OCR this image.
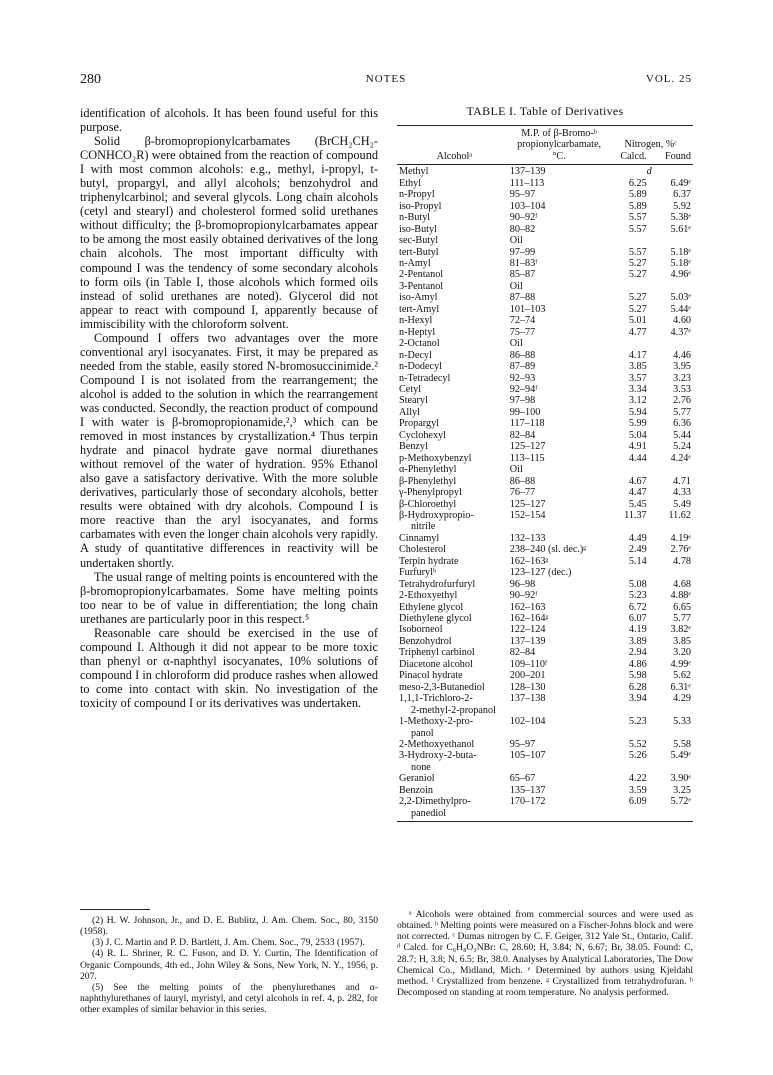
280	NOTES	VOL. 25

identification of alcohols. It has been found useful for this purpose.

Solid β-bromopropionylcarbamates (BrCH₂CH₂-CONHCO₂R) were obtained from the reaction of compound I with most common alcohols: e.g., methyl, i-propyl, t-butyl, propargyl, and allyl alcohols; benzohydrol and triphenylcarbinol; and several glycols. Long chain alcohols (cetyl and stearyl) and cholesterol formed solid urethanes without difficulty; the β-bromopropionylcarbamates appear to be among the most easily obtained derivatives of the long chain alcohols. The most important difficulty with compound I was the tendency of some secondary alcohols to form oils (in Table I, those alcohols which formed oils instead of solid urethanes are noted). Glycerol did not appear to react with compound I, apparently because of immiscibility with the chloroform solvent.

Compound I offers two advantages over the more conventional aryl isocyanates. First, it may be prepared as needed from the stable, easily stored N-bromosuccinimide.² Compound I is not isolated from the rearrangement; the alcohol is added to the solution in which the rearrangement was conducted. Secondly, the reaction product of compound I with water is β-bromopropionamide,²,³ which can be removed in most instances by crystallization.⁴ Thus terpin hydrate and pinacol hydrate gave normal diurethanes without removel of the water of hydration. 95% Ethanol also gave a satisfactory derivative. With the more soluble derivatives, particularly those of secondary alcohols, better results were obtained with dry alcohols. Compound I is more reactive than the aryl isocyanates, and forms carbamates with even the longer chain alcohols very rapidly. A study of quantitative differences in reactivity will be undertaken shortly.

The usual range of melting points is encountered with the β-bromopropionylcarbamates. Some have melting points too near to be of value in differentiation; the long chain urethanes are particularly poor in this respect.⁵

Reasonable care should be exercised in the use of compound I. Although it did not appear to be more toxic than phenyl or α-naphthyl isocyanates, 10% solutions of compound I in chloroform did produce rashes when allowed to come into contact with skin. No investigation of the toxicity of compound I or its derivatives was undertaken.

TABLE I. Table of Derivatives
	M.P. of β-Bromo-ᵇ		
	propionylcarbamate,	Nitrogen, %ᶜ	
Alcoholᵃ	°C.	Calcd.	Found
Methyl	137–139		d
Ethyl	111–113	6.25	6.49ᵉ
n-Propyl	95–97	5.89	6.37
iso-Propyl	103–104	5.89	5.92
n-Butyl	90–92ᶠ	5.57	5.38ᵉ
iso-Butyl	80–82	5.57	5.61ᵉ
sec-Butyl	Oil		
tert-Butyl	97–99	5.57	5.18ᵉ
n-Amyl	81–83ᶠ	5.27	5.18ᵉ
2-Pentanol	85–87	5.27	4.96ᵉ
3-Pentanol	Oil		
iso-Amyl	87–88	5.27	5.03ᵉ
tert-Amyl	101–103	5.27	5.44ᵉ
n-Hexyl	72–74	5.01	4.60
n-Heptyl	75–77	4.77	4.37ᵉ
2-Octanol	Oil		
n-Decyl	86–88	4.17	4.46
n-Dodecyl	87–89	3.85	3.95
n-Tetradecyl	92–93	3.57	3.23
Cetyl	92–94ᶠ	3.34	3.53
Stearyl	97–98	3.12	2.76
Allyl	99–100	5.94	5.77
Propargyl	117–118	5.99	6.36
Cyclohexyl	82–84	5.04	5.44
Benzyl	125–127	4.91	5.24
p-Methoxybenzyl	113–115	4.44	4.24ᵉ
α-Phenylethyl	Oil		
β-Phenylethyl	86–88	4.67	4.71
γ-Phenylpropyl	76–77	4.47	4.33
β-Chloroethyl	125–127	5.45	5.49
β-Hydroxypropio-
nitrile	152–154	11.37	11.62
Cinnamyl	132–133	4.49	4.19ᵉ
Cholesterol	238–240 (sl. dec.)ᵍ	2.49	2.76ᵉ
Terpin hydrate	162–163ᵍ	5.14	4.78
Furfurylʰ	123–127 (dec.)		
Tetrahydrofurfuryl	96–98	5.08	4.68
2-Ethoxyethyl	90–92ᶠ	5.23	4.88ᵉ
Ethylene glycol	162–163	6.72	6.65
Diethylene glycol	162–164ᵍ	6.07	5.77
Isoborneol	122–124	4.19	3.82ᵉ
Benzohydrol	137–139	3.89	3.85
Triphenyl carbinol	82–84	2.94	3.20
Diacetone alcohol	109–110ᶠ	4.86	4.99ᵉ
Pinacol hydrate	200–201	5.98	5.62
meso-2,3-Butanediol	128–130	6.28	6.31ᵉ
1,1,1-Trichloro-2-
2-methyl-2-propanol	137–138	3.94	4.29
1-Methoxy-2-pro-
panol	102–104	5.23	5.33
2-Methoxyethanol	95–97	5.52	5.58
3-Hydroxy-2-buta-
none	105–107	5.26	5.49ᵉ
Geraniol	65–67	4.22	3.90ᵉ
Benzoin	135–137	3.59	3.25
2,2-Dimethylpro-
panediol	170–172	6.09	5.72ᵉ

(2) H. W. Johnson, Jr., and D. E. Bublitz, J. Am. Chem. Soc., 80, 3150 (1958).

(3) J. C. Martin and P. D. Bartlett, J. Am. Chem. Soc., 79, 2533 (1957).

(4) R. L. Shriner, R. C. Fuson, and D. Y. Curtin, The Identification of Organic Compounds, 4th ed., John Wiley & Sons, New York, N. Y., 1956, p. 207.

(5) See the melting points of the phenylurethanes and α-naphthylurethanes of lauryl, myristyl, and cetyl alcohols in ref. 4, p. 282, for other examples of similar behavior in this series.

ᵃ Alcohols were obtained from commercial sources and were used as obtained. ᵇ Melting points were measured on a Fischer-Johns block and were not corrected. ᶜ Dumas nitrogen by C. F. Geiger, 312 Yale St., Ontario, Calif. ᵈ Calcd. for C₆H₈O₃NBr: C, 28.60; H, 3.84; N, 6.67; Br, 38.05. Found: C, 28.7; H, 3.8; N, 6.5; Br, 38.0. Analyses by Analytical Laboratories, The Dow Chemical Co., Midland, Mich. ᵉ Determined by authors using Kjeldahl method. ᶠ Crystallized from benzene. ᵍ Crystallized from tetrahydrofuran. ʰ Decomposed on standing at room temperature. No analysis performed.
